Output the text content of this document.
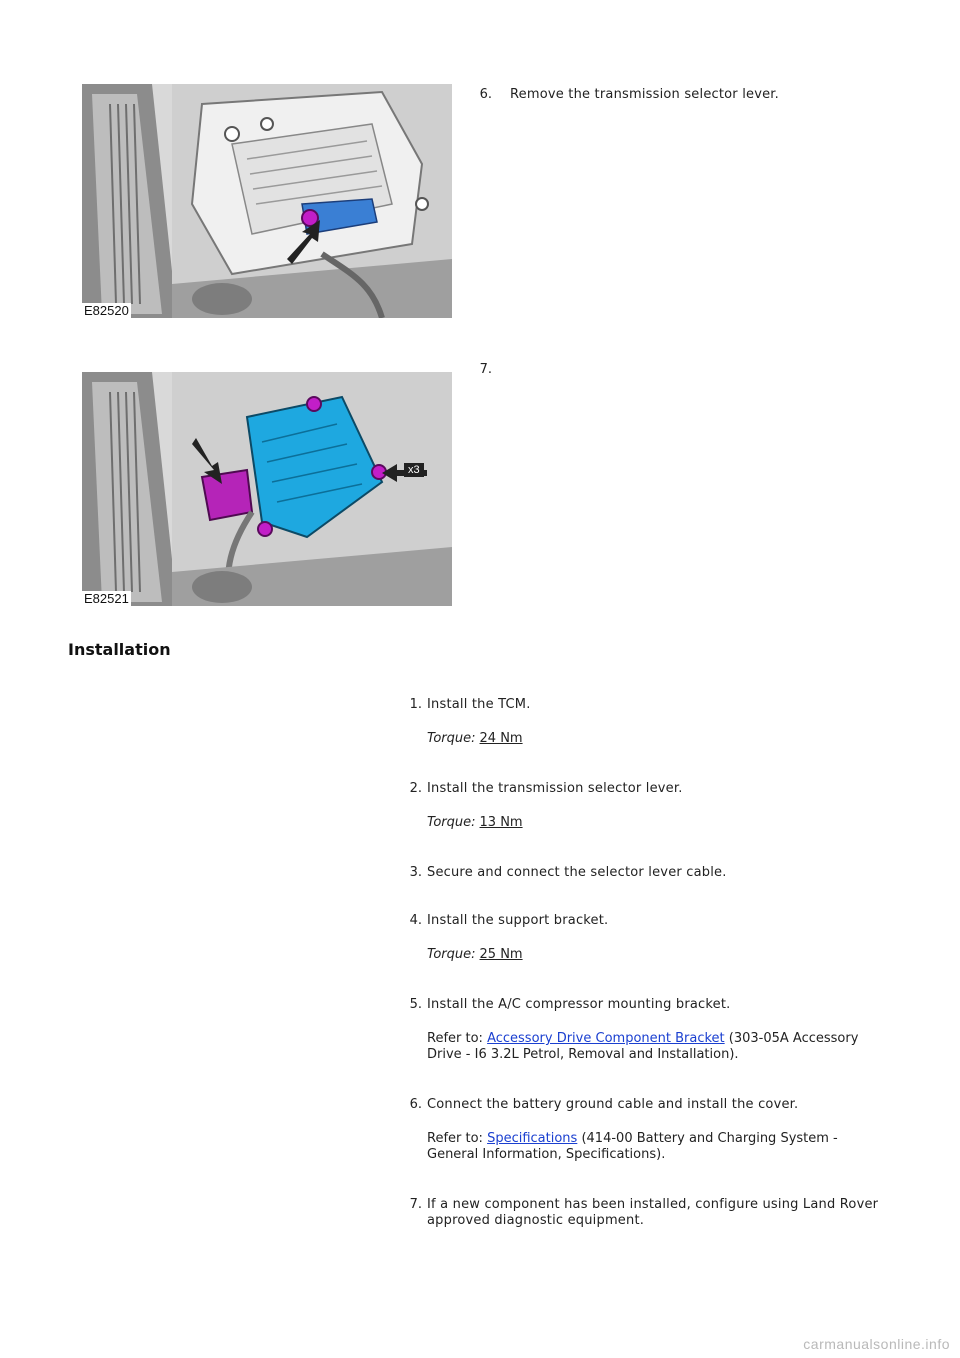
E82520
x3
E82521
6. Remove the transmission selector lever.
7.
Installation
1. Install the TCM.
Torque: 24 Nm
2. Install the transmission selector lever.
Torque: 13 Nm
3. Secure and connect the selector lever cable.
4. Install the support bracket.
Torque: 25 Nm
5. Install the A/C compressor mounting bracket.
Refer to: Accessory Drive Component Bracket (303-05A Accessory Drive - I6 3.2L Petrol, Removal and Installation).
6. Connect the battery ground cable and install the cover.
Refer to: Specifications (414-00 Battery and Charging System - General Information, Specifications).
7. If a new component has been installed, configure using Land Rover approved diagnostic equipment.
carmanualsonline.info
